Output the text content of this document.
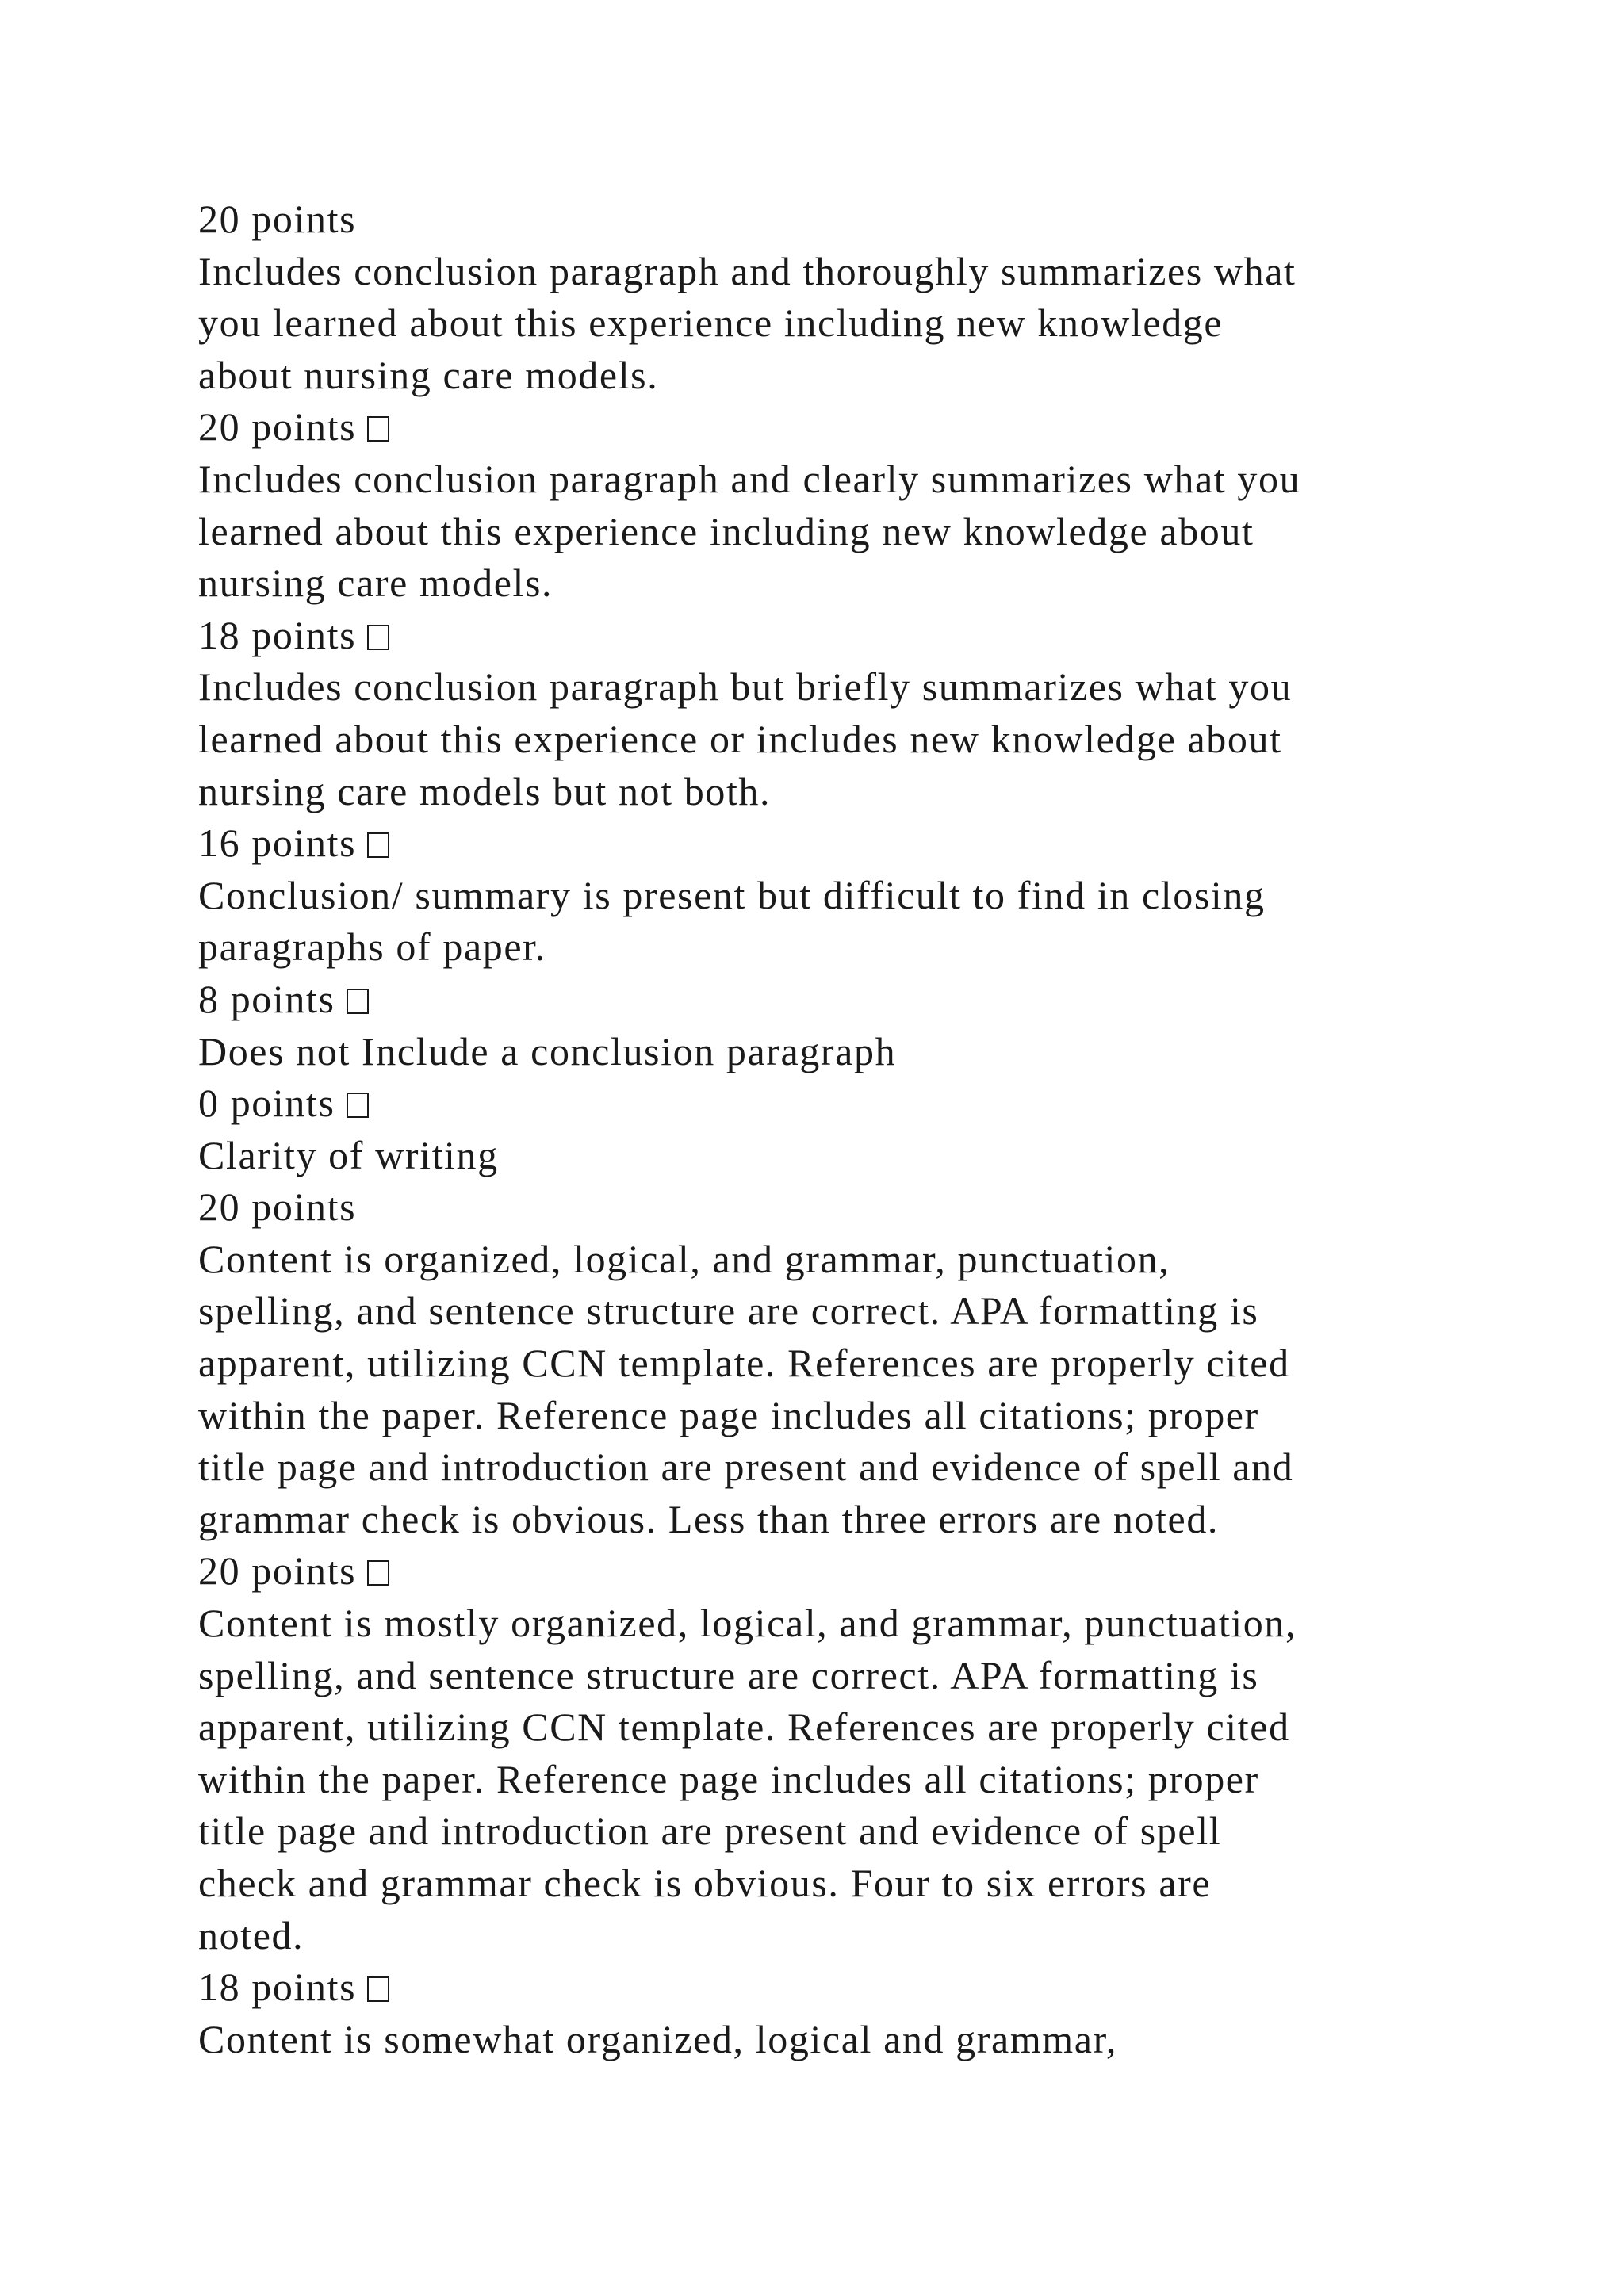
20 points
Includes conclusion paragraph and thoroughly summarizes what
you learned about this experience including new knowledge
about nursing care models.
20 points
Includes conclusion paragraph and clearly summarizes what you
learned about this experience including new knowledge about
nursing care models.
18 points
Includes conclusion paragraph but briefly summarizes what you
learned about this experience or includes new knowledge about
nursing care models but not both.
16 points
Conclusion/ summary is present but difficult to find in closing
paragraphs of paper.
8 points
Does not Include a conclusion paragraph
0 points
Clarity of writing
20 points
Content is organized, logical, and grammar, punctuation,
spelling, and sentence structure are correct. APA formatting is
apparent, utilizing CCN template. References are properly cited
within the paper. Reference page includes all citations; proper
title page and introduction are present and evidence of spell and
grammar check is obvious. Less than three errors are noted.
20 points
Content is mostly organized, logical, and grammar, punctuation,
spelling, and sentence structure are correct. APA formatting is
apparent, utilizing CCN template. References are properly cited
within the paper. Reference page includes all citations; proper
title page and introduction are present and evidence of spell
check and grammar check is obvious. Four to six errors are
noted.
18 points
Content is somewhat organized, logical and grammar,
